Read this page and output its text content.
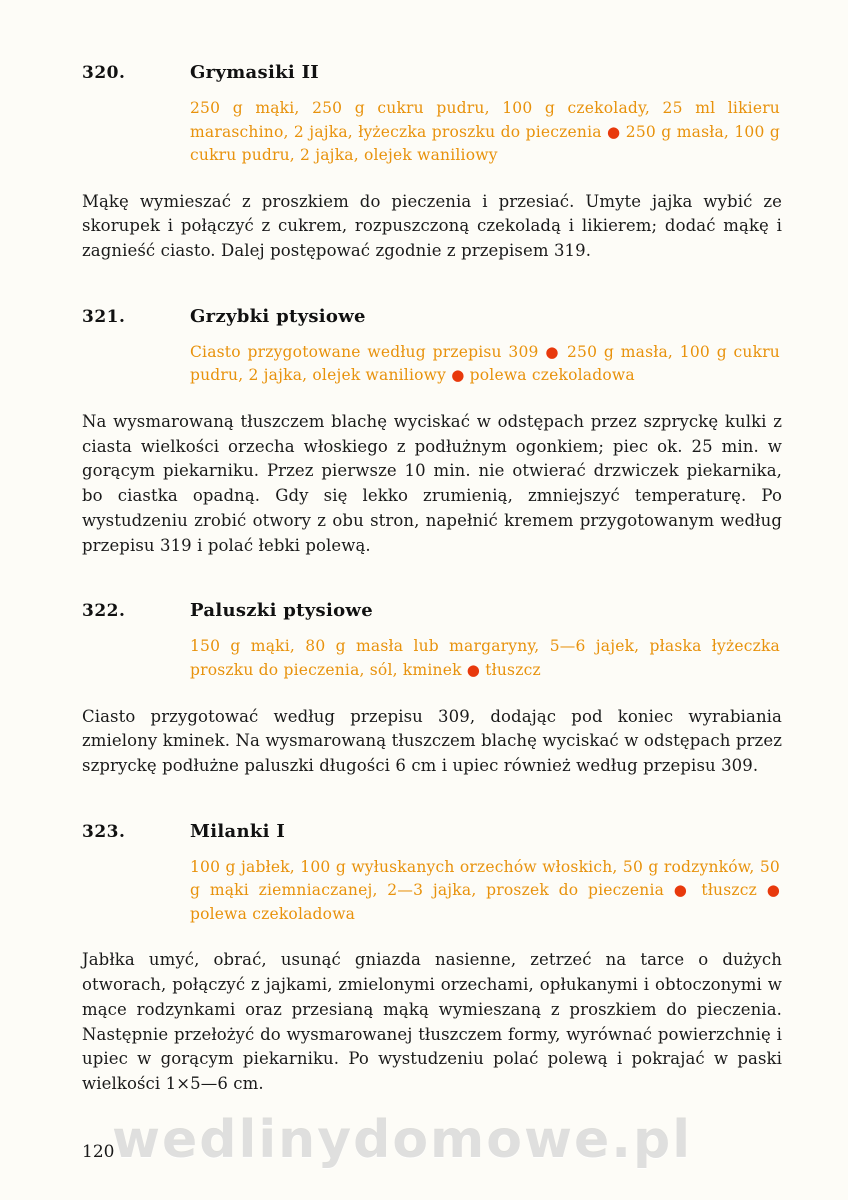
320.	Grymasiki II
250 g mąki, 250 g cukru pudru, 100 g czekolady, 25 ml likieru maraschino, 2 jajka, łyżeczka proszku do pieczenia ● 250 g masła, 100 g cukru pudru, 2 jajka, olejek waniliowy
Mąkę wymieszać z proszkiem do pieczenia i przesiać. Umyte jajka wybić ze skorupek i połączyć z cukrem, rozpuszczoną czekoladą i likierem; dodać mąkę i zagnieść ciasto. Dalej postępować zgodnie z przepisem 319.
321.	Grzybki ptysiowe
Ciasto przygotowane według przepisu 309 ● 250 g masła, 100 g cukru pudru, 2 jajka, olejek waniliowy ● polewa czekoladowa
Na wysmarowaną tłuszczem blachę wyciskać w odstępach przez szpryckę kulki z ciasta wielkości orzecha włoskiego z podłużnym ogonkiem; piec ok. 25 min. w gorącym piekarniku. Przez pierwsze 10 min. nie otwierać drzwiczek piekarnika, bo ciastka opadną. Gdy się lekko zrumienią, zmniejszyć temperaturę. Po wystudzeniu zrobić otwory z obu stron, napełnić kremem przygotowanym według przepisu 319 i polać łebki polewą.
322.	Paluszki ptysiowe
150 g mąki, 80 g masła lub margaryny, 5—6 jajek, płaska łyżeczka proszku do pieczenia, sól, kminek ● tłuszcz
Ciasto przygotować według przepisu 309, dodając pod koniec wyrabiania zmielony kminek. Na wysmarowaną tłuszczem blachę wyciskać w odstępach przez szpryckę podłużne paluszki długości 6 cm i upiec również według przepisu 309.
323.	Milanki I
100 g jabłek, 100 g wyłuskanych orzechów włoskich, 50 g rodzynków, 50 g mąki ziemniaczanej, 2—3 jajka, proszek do pieczenia ● tłuszcz ● polewa czekoladowa
Jabłka umyć, obrać, usunąć gniazda nasienne, zetrzeć na tarce o dużych otworach, połączyć z jajkami, zmielonymi orzechami, opłukanymi i obtoczonymi w mące rodzynkami oraz przesianą mąką wymieszaną z proszkiem do pieczenia. Następnie przełożyć do wysmarowanej tłuszczem formy, wyrównać powierzchnię i upiec w gorącym piekarniku. Po wystudzeniu polać polewą i pokrajać w paski wielkości 1×5—6 cm.
120
wedlinydomowe.pl
